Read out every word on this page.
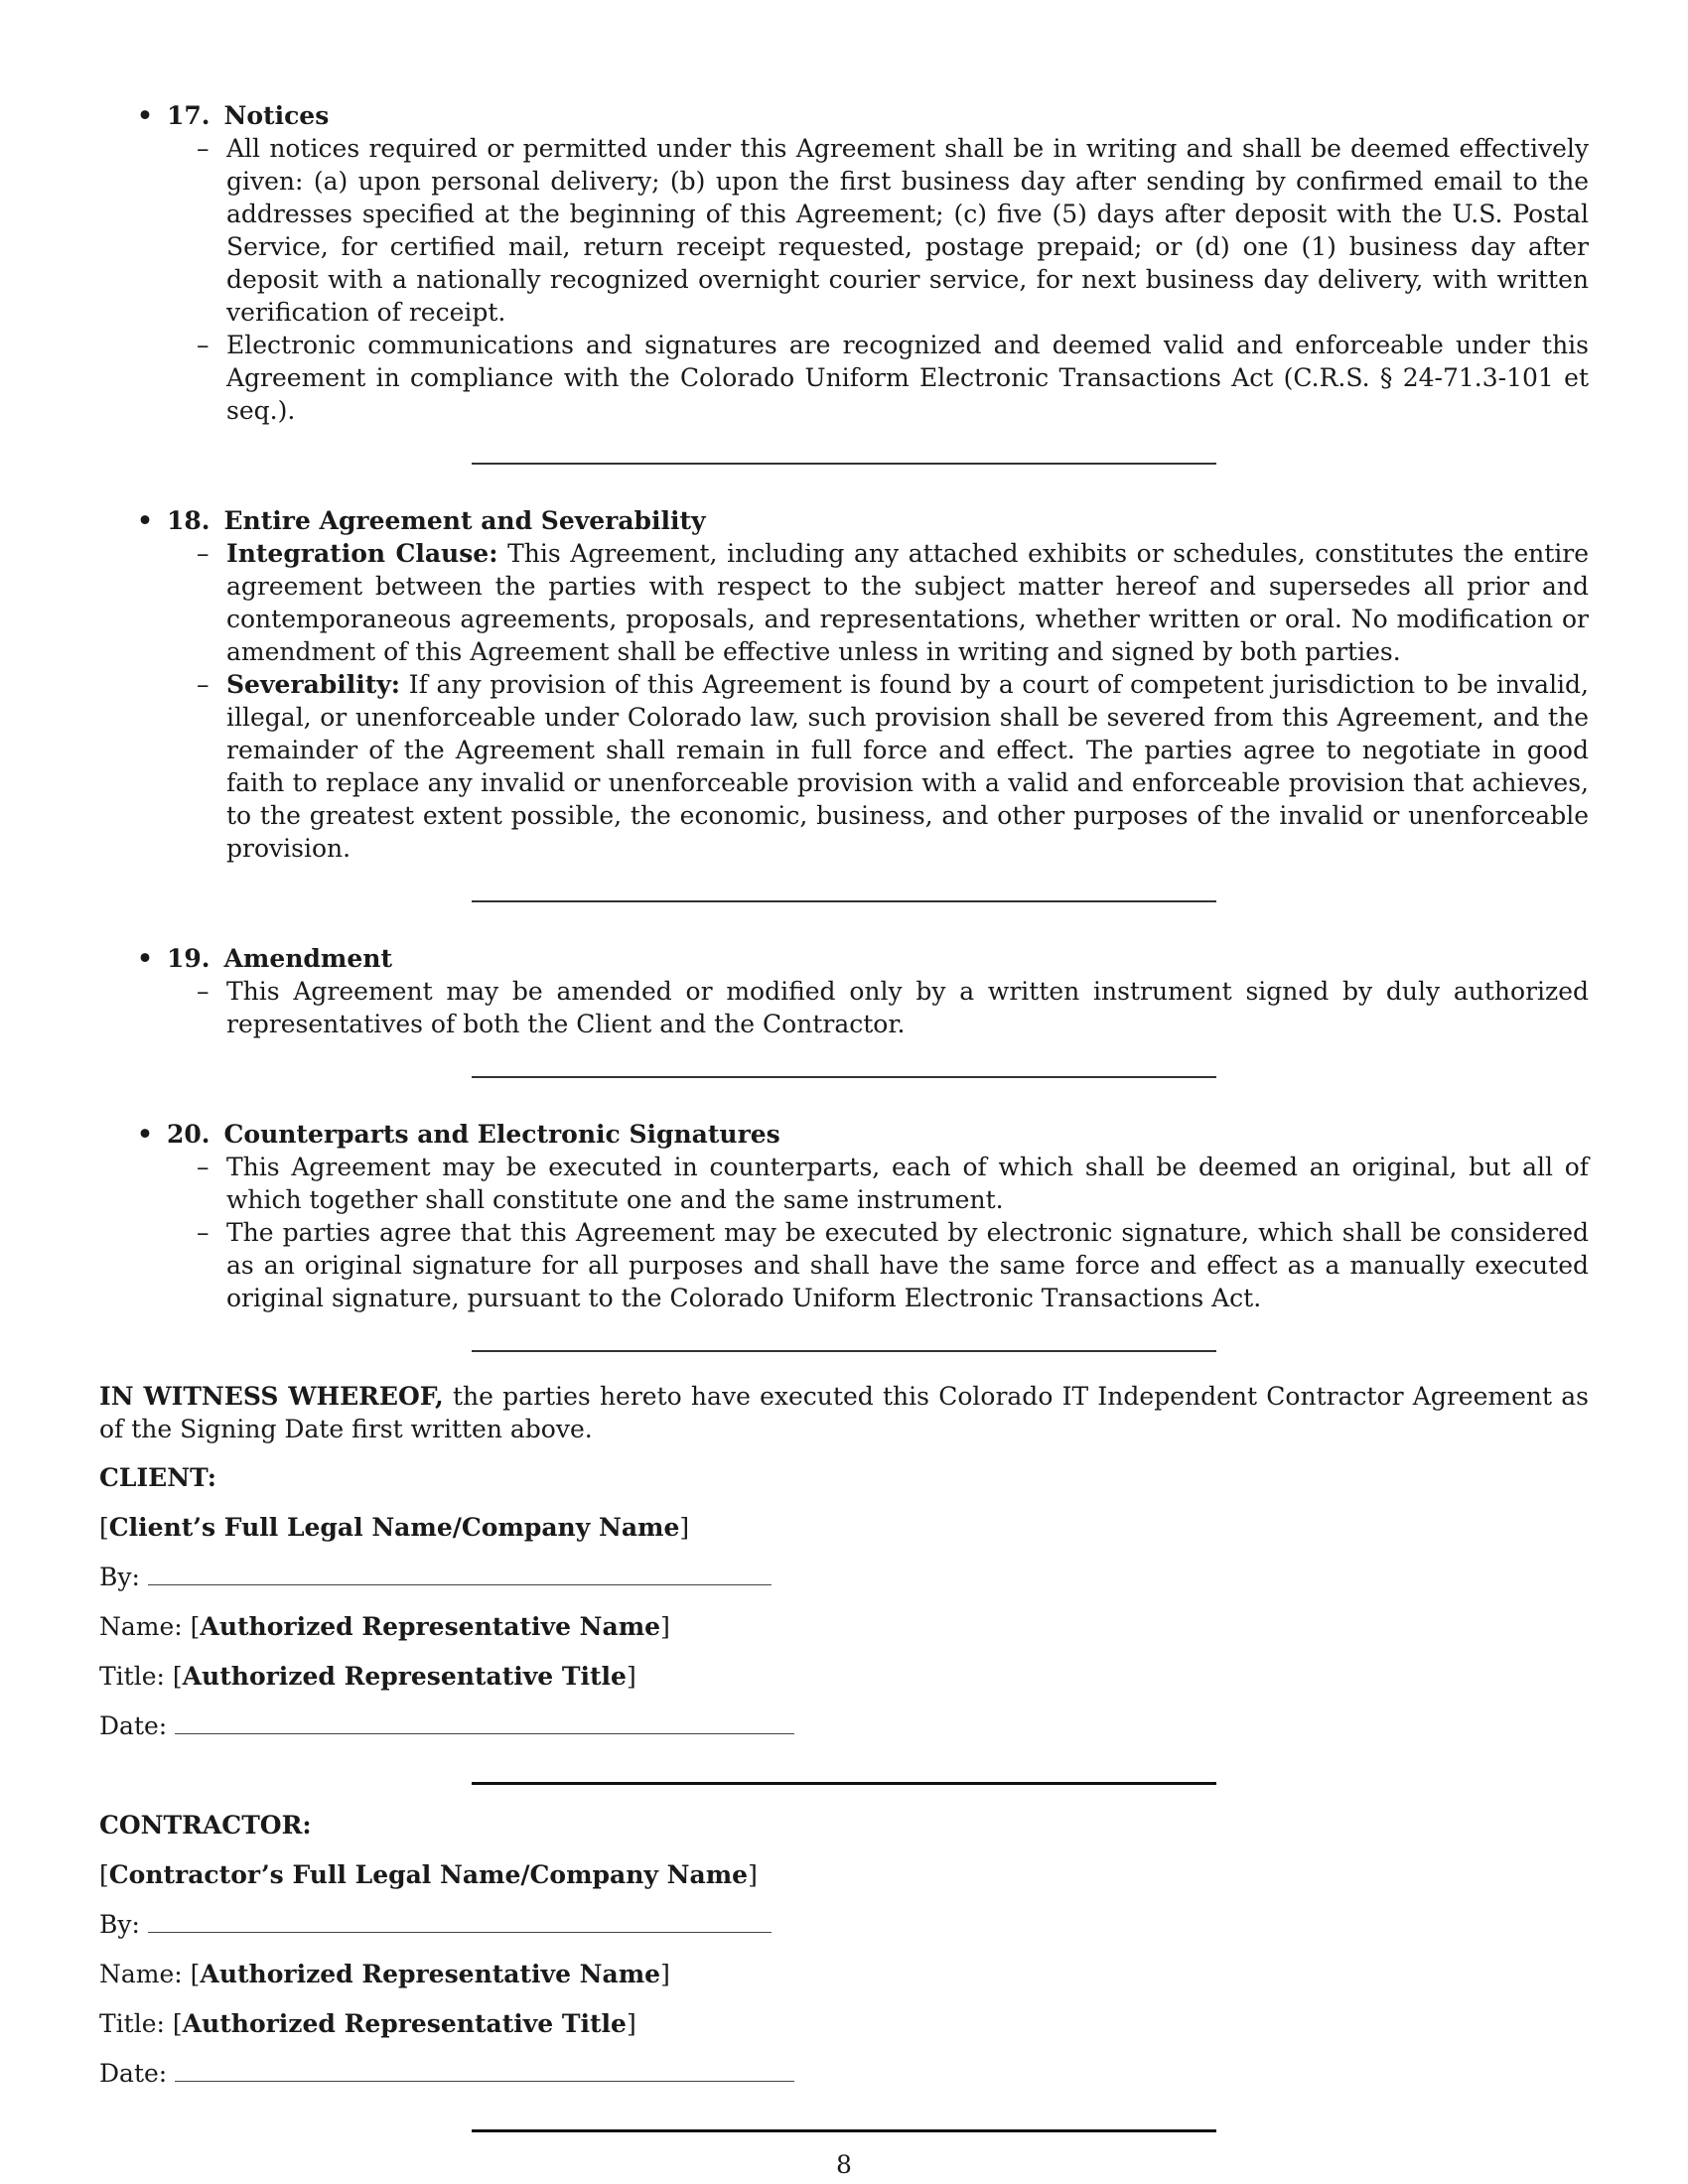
• 17. Notices
– All notices required or permitted under this Agreement shall be in writing and shall be deemed effectively given: (a) upon personal delivery; (b) upon the first business day after sending by confirmed email to the addresses specified at the beginning of this Agreement; (c) five (5) days after deposit with the U.S. Postal Service, for certified mail, return receipt requested, postage prepaid; or (d) one (1) business day after deposit with a nationally recognized overnight courier service, for next business day delivery, with written verification of receipt.
– Electronic communications and signatures are recognized and deemed valid and enforceable under this Agreement in compliance with the Colorado Uniform Electronic Transactions Act (C.R.S. § 24-71.3-101 et seq.).
• 18. Entire Agreement and Severability
– Integration Clause: This Agreement, including any attached exhibits or schedules, constitutes the entire agreement between the parties with respect to the subject matter hereof and supersedes all prior and contemporaneous agreements, proposals, and representations, whether written or oral. No modification or amendment of this Agreement shall be effective unless in writing and signed by both parties.
– Severability: If any provision of this Agreement is found by a court of competent jurisdiction to be invalid, illegal, or unenforceable under Colorado law, such provision shall be severed from this Agreement, and the remainder of the Agreement shall remain in full force and effect. The parties agree to negotiate in good faith to replace any invalid or unenforceable provision with a valid and enforceable provision that achieves, to the greatest extent possible, the economic, business, and other purposes of the invalid or unenforceable provision.
• 19. Amendment
– This Agreement may be amended or modified only by a written instrument signed by duly authorized representatives of both the Client and the Contractor.
• 20. Counterparts and Electronic Signatures
– This Agreement may be executed in counterparts, each of which shall be deemed an original, but all of which together shall constitute one and the same instrument.
– The parties agree that this Agreement may be executed by electronic signature, which shall be considered as an original signature for all purposes and shall have the same force and effect as a manually executed original signature, pursuant to the Colorado Uniform Electronic Transactions Act.
IN WITNESS WHEREOF, the parties hereto have executed this Colorado IT Independent Contractor Agreement as of the Signing Date first written above.
CLIENT:
[Client’s Full Legal Name/Company Name]
By:
Name: [Authorized Representative Name]
Title: [Authorized Representative Title]
Date:
CONTRACTOR:
[Contractor’s Full Legal Name/Company Name]
By:
Name: [Authorized Representative Name]
Title: [Authorized Representative Title]
Date:
8
